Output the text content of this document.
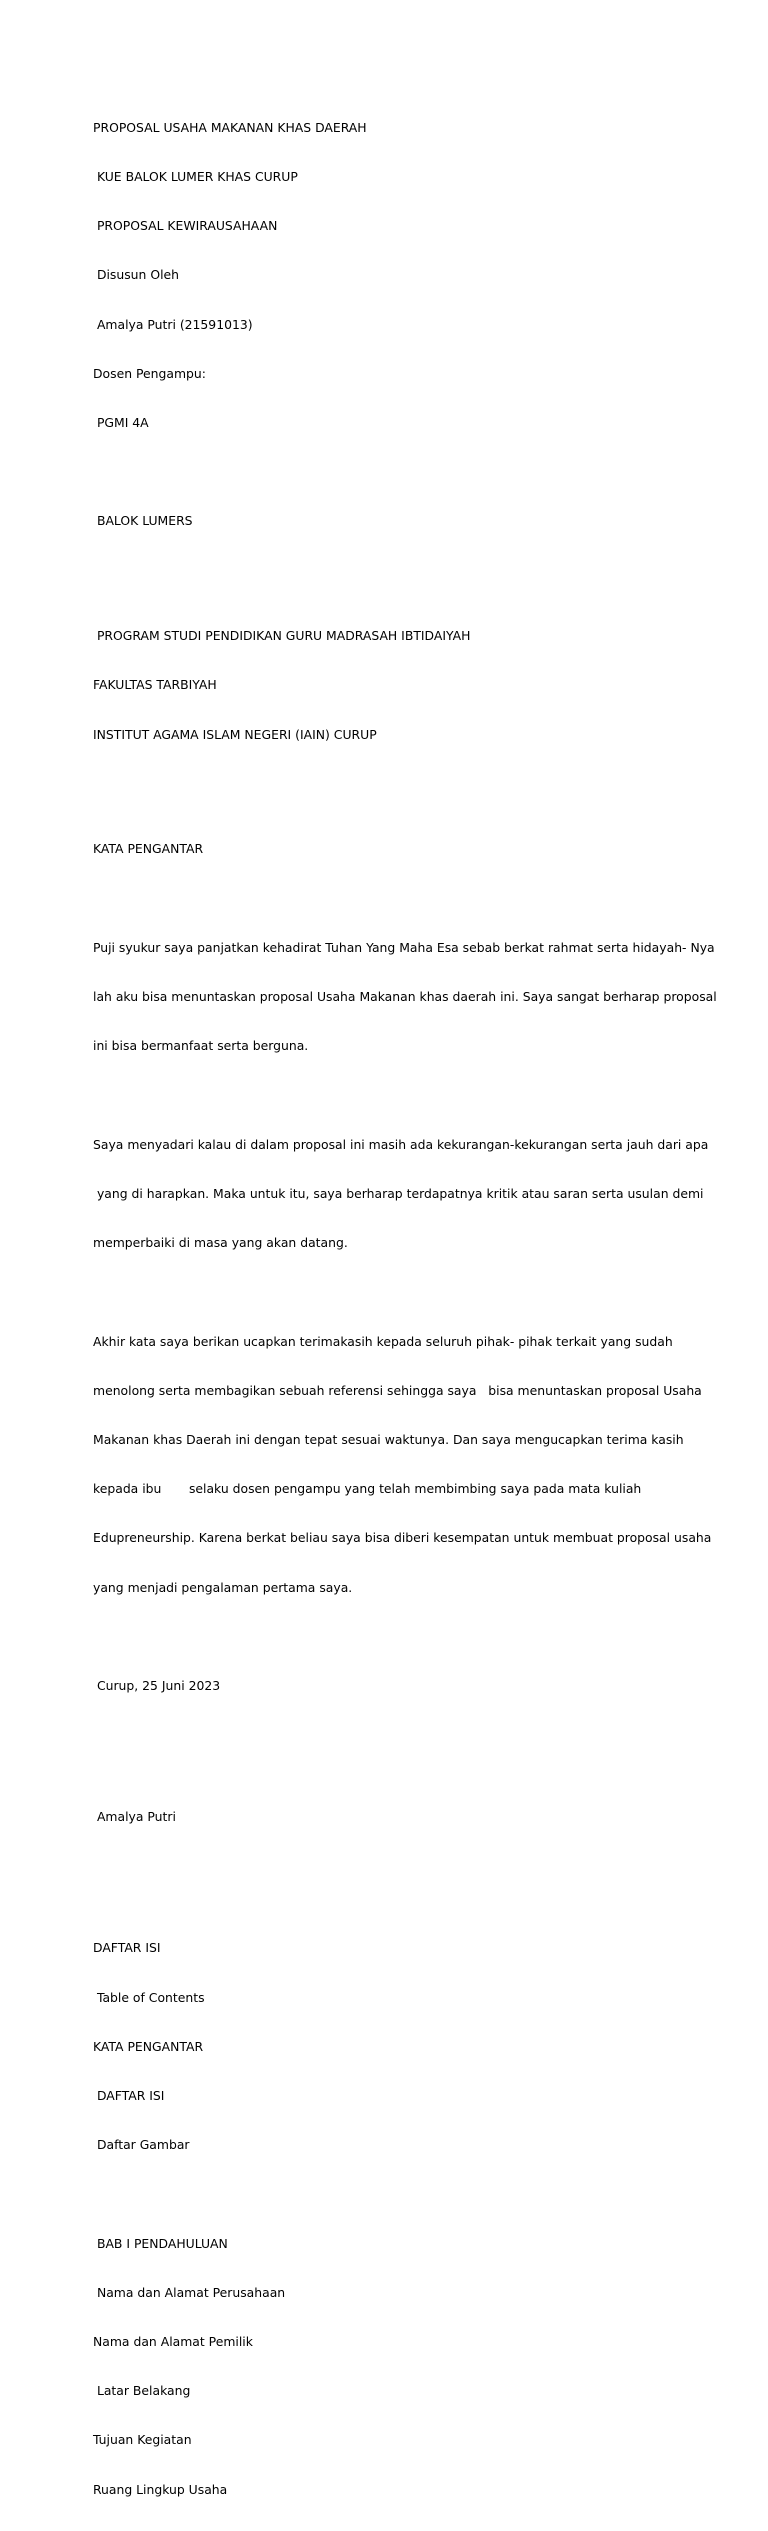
PROPOSAL USAHA MAKANAN KHAS DAERAH

KUE BALOK LUMER KHAS CURUP

PROPOSAL KEWIRAUSAHAAN

Disusun Oleh

Amalya Putri (21591013)

Dosen Pengampu:

PGMI 4A

BALOK LUMERS

PROGRAM STUDI PENDIDIKAN GURU MADRASAH IBTIDAIYAH

FAKULTAS TARBIYAH

INSTITUT AGAMA ISLAM NEGERI (IAIN) CURUP

KATA PENGANTAR

Puji syukur saya panjatkan kehadirat Tuhan Yang Maha Esa sebab berkat rahmat serta hidayah- Nya

lah aku bisa menuntaskan proposal Usaha Makanan khas daerah ini. Saya sangat berharap proposal

ini bisa bermanfaat serta berguna.

Saya menyadari kalau di dalam proposal ini masih ada kekurangan-kekurangan serta jauh dari apa

yang di harapkan. Maka untuk itu, saya berharap terdapatnya kritik atau saran serta usulan demi

memperbaiki di masa yang akan datang.

Akhir kata saya berikan ucapkan terimakasih kepada seluruh pihak- pihak terkait yang sudah

menolong serta membagikan sebuah referensi sehingga saya   bisa menuntaskan proposal Usaha

Makanan khas Daerah ini dengan tepat sesuai waktunya. Dan saya mengucapkan terima kasih

kepada ibu       selaku dosen pengampu yang telah membimbing saya pada mata kuliah

Edupreneurship. Karena berkat beliau saya bisa diberi kesempatan untuk membuat proposal usaha

yang menjadi pengalaman pertama saya.

Curup, 25 Juni 2023

Amalya Putri

DAFTAR ISI

Table of Contents

KATA PENGANTAR

DAFTAR ISI

Daftar Gambar

BAB I PENDAHULUAN

Nama dan Alamat Perusahaan

Nama dan Alamat Pemilik

Latar Belakang

Tujuan Kegiatan

Ruang Lingkup Usaha
